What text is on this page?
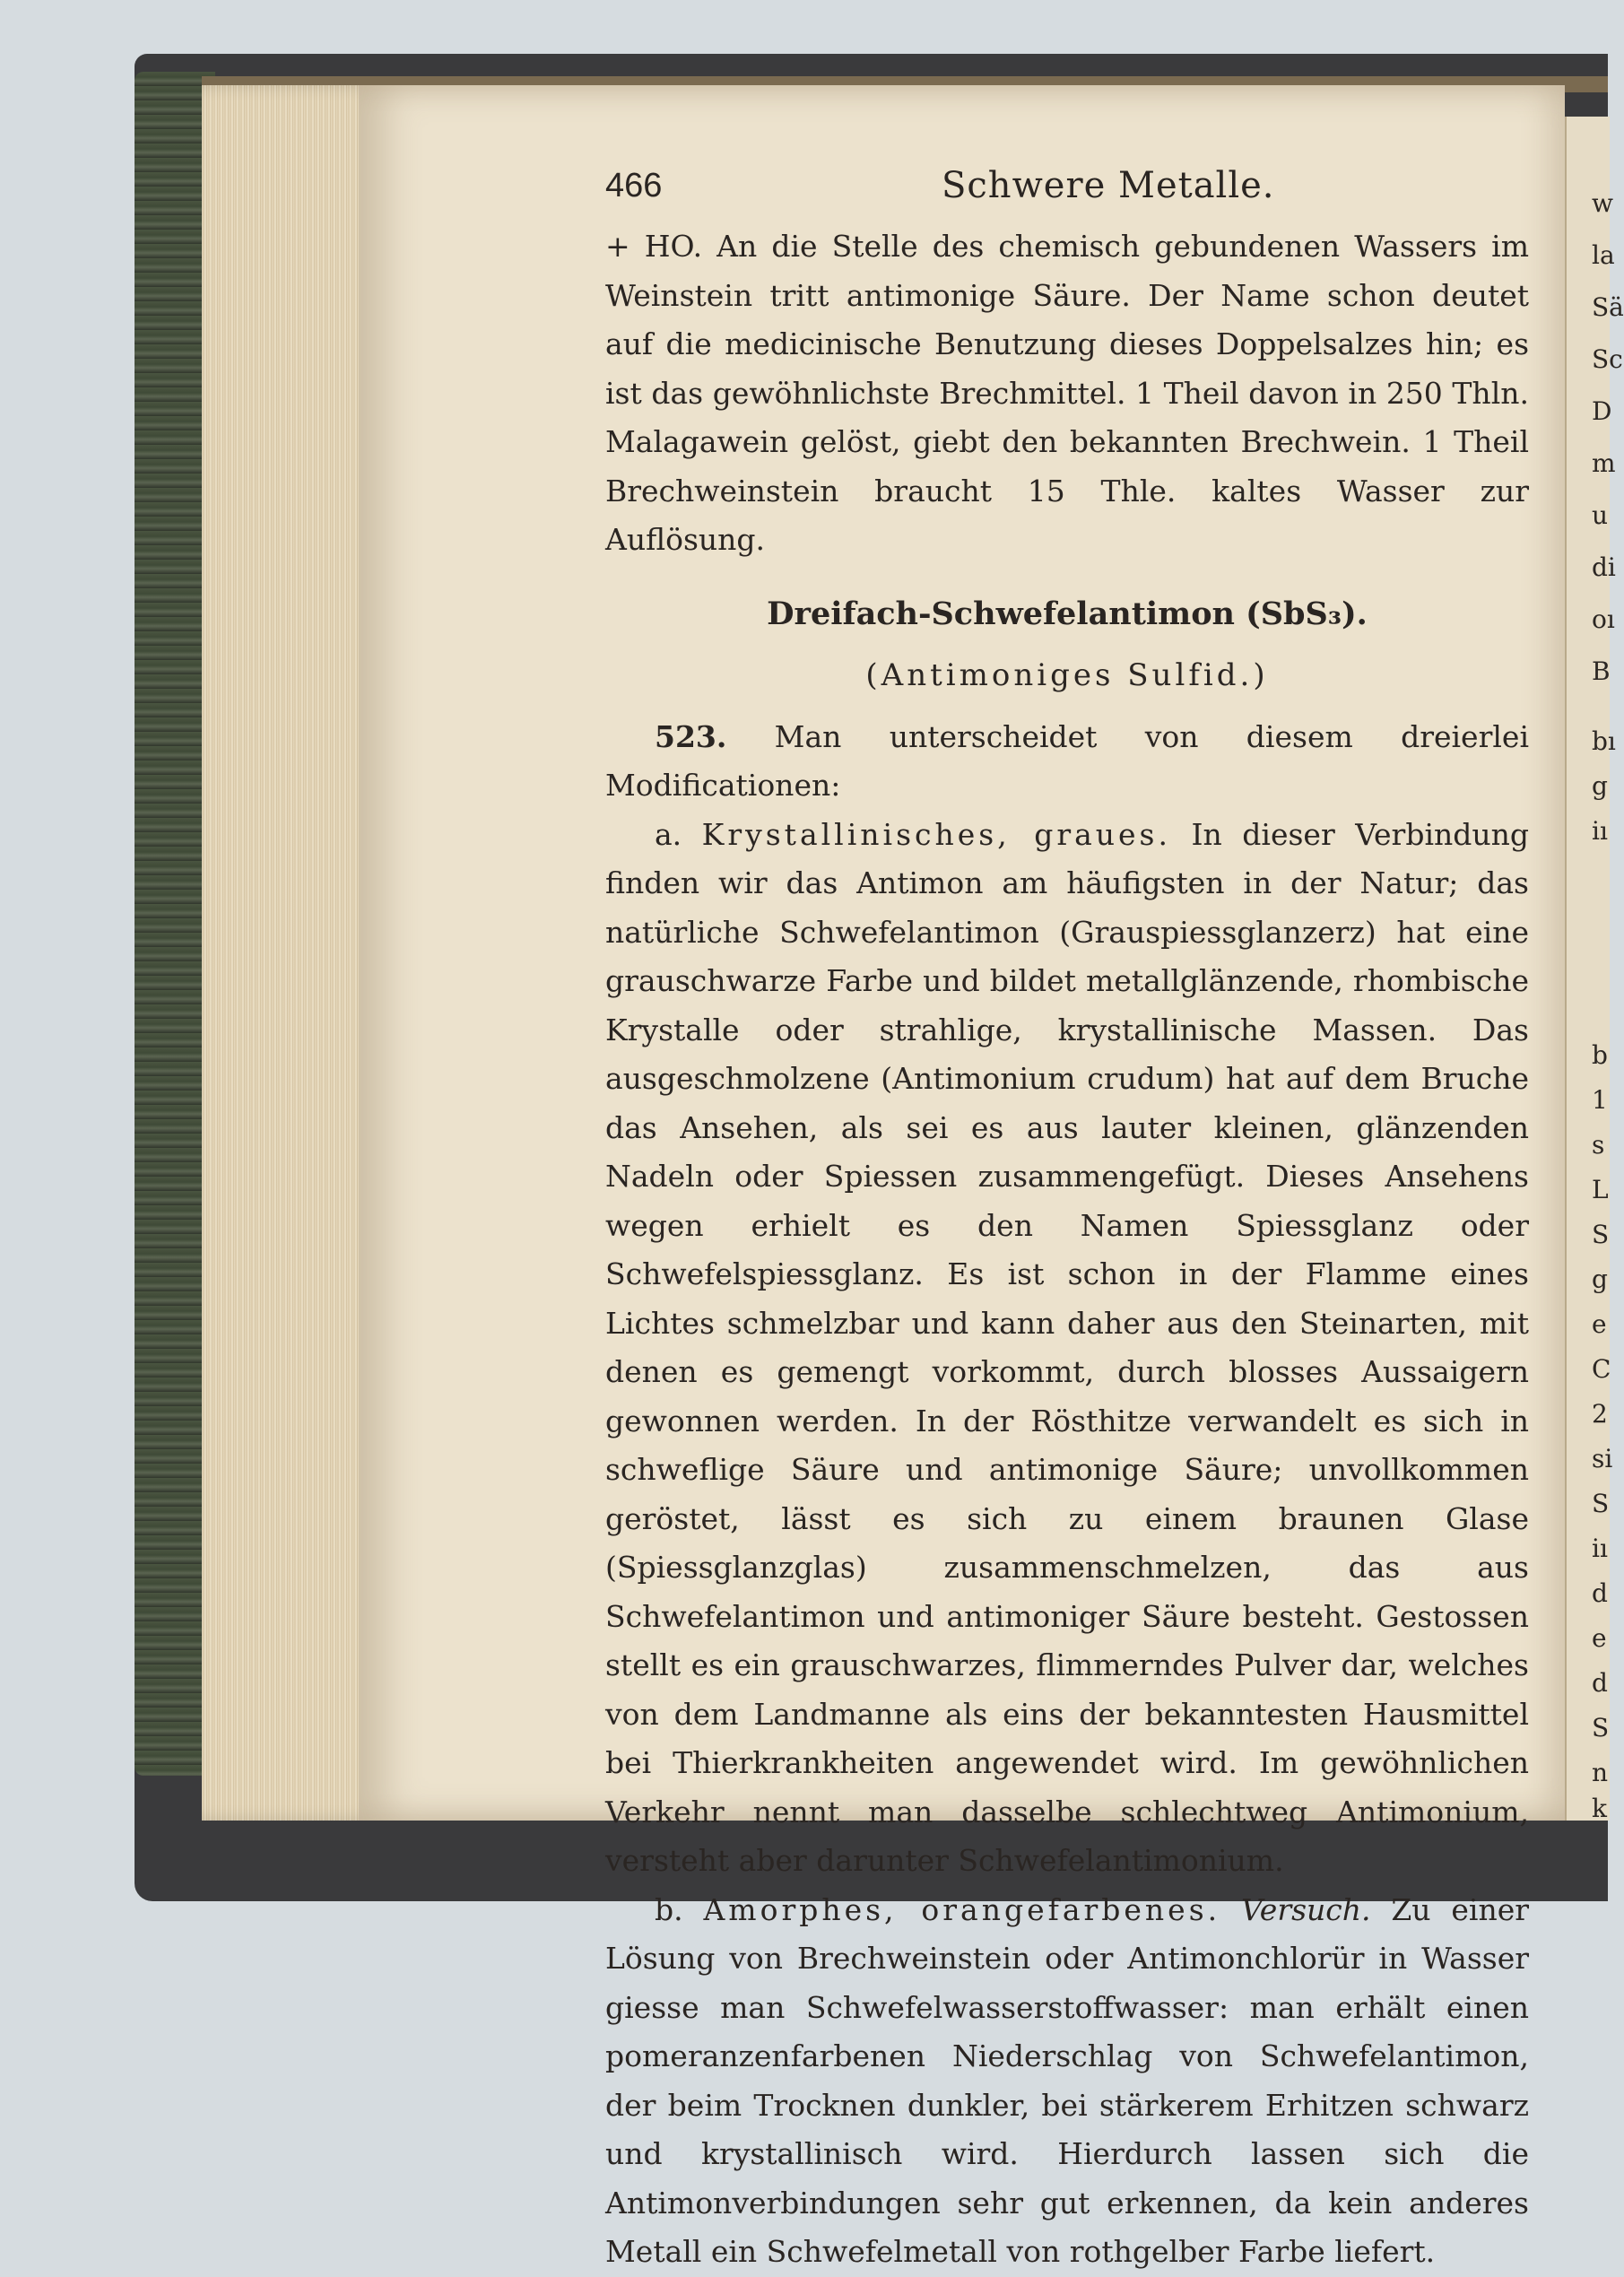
w
la
Sä
Sc
D
m
u
di
oı
B
bı
g
iı
b
1
s
L
S
g
e
C
2
si
S
iı
d
e
d
S
n
k
466	Schwere Metalle.

+ HO. An die Stelle des chemisch gebundenen Wassers im Weinstein tritt antimonige Säure. Der Name schon deutet auf die medicinische Benutzung dieses Doppelsalzes hin; es ist das gewöhnlichste Brechmittel. 1 Theil davon in 250 Thln. Malagawein gelöst, giebt den bekannten Brechwein. 1 Theil Brechweinstein braucht 15 Thle. kaltes Wasser zur Auflösung.

Dreifach-Schwefelantimon (SbS₃).
(Antimoniges Sulfid.)

523. Man unterscheidet von diesem dreierlei Modificationen:

a. Krystallinisches, graues. In dieser Verbindung finden wir das Antimon am häufigsten in der Natur; das natürliche Schwefelantimon (Grauspiessglanzerz) hat eine grauschwarze Farbe und bildet metallglänzende, rhombische Krystalle oder strahlige, krystallinische Massen. Das ausgeschmolzene (Antimonium crudum) hat auf dem Bruche das Ansehen, als sei es aus lauter kleinen, glänzenden Nadeln oder Spiessen zusammengefügt. Dieses Ansehens wegen erhielt es den Namen Spiessglanz oder Schwefelspiessglanz. Es ist schon in der Flamme eines Lichtes schmelzbar und kann daher aus den Steinarten, mit denen es gemengt vorkommt, durch blosses Aussaigern gewonnen werden. In der Rösthitze verwandelt es sich in schweflige Säure und antimonige Säure; unvollkommen geröstet, lässt es sich zu einem braunen Glase (Spiessglanzglas) zusammenschmelzen, das aus Schwefelantimon und antimoniger Säure besteht. Gestossen stellt es ein grauschwarzes, flimmerndes Pulver dar, welches von dem Landmanne als eins der bekanntesten Hausmittel bei Thierkrankheiten angewendet wird. Im gewöhnlichen Verkehr nennt man dasselbe schlechtweg Antimonium, versteht aber darunter Schwefelantimonium.

b. Amorphes, orangefarbenes. Versuch. Zu einer Lösung von Brechweinstein oder Antimonchlorür in Wasser giesse man Schwefelwasserstoffwasser: man erhält einen pomeranzenfarbenen Niederschlag von Schwefelantimon, der beim Trocknen dunkler, bei stärkerem Erhitzen schwarz und krystallinisch wird. Hierdurch lassen sich die Antimonverbindungen sehr gut erkennen, da kein anderes Metall ein Schwefelmetall von rothgelber Farbe liefert.
